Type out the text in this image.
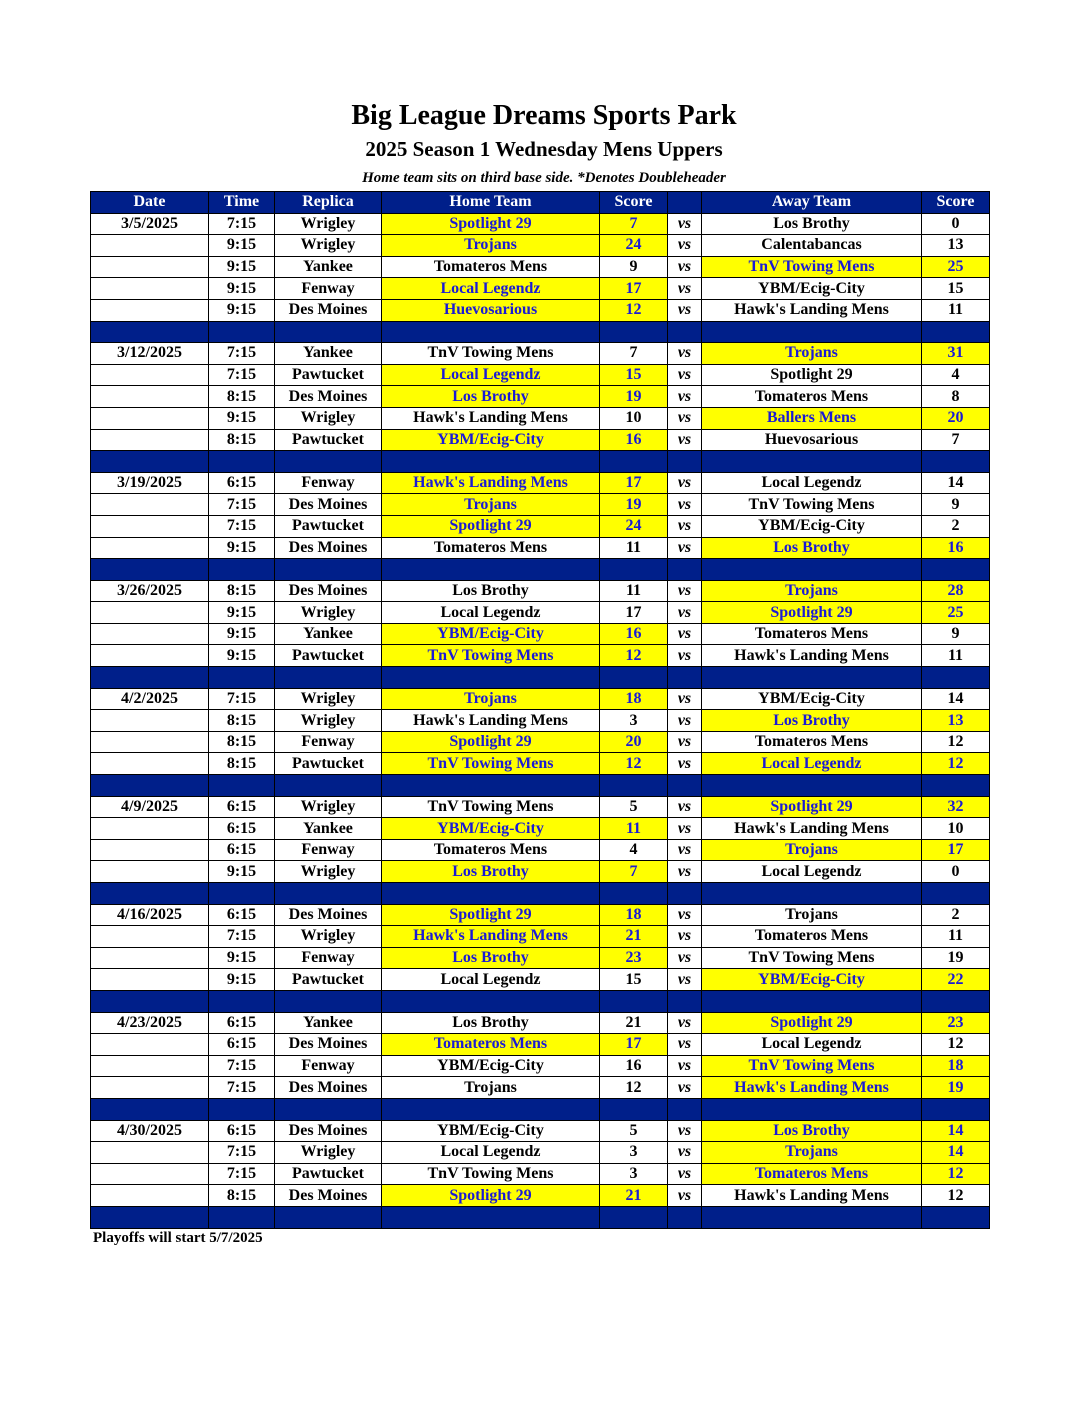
Big League Dreams Sports Park
2025 Season 1 Wednesday Mens Uppers
Home team sits on third base side. *Denotes Doubleheader
Date	Time	Replica	Home Team	Score		Away Team	Score
3/5/2025	7:15	Wrigley	Spotlight 29	7	vs	Los Brothy	0
	9:15	Wrigley	Trojans	24	vs	Calentabancas	13
	9:15	Yankee	Tomateros Mens	9	vs	TnV Towing Mens	25
	9:15	Fenway	Local Legendz	17	vs	YBM/Ecig-City	15
	9:15	Des Moines	Huevosarious	12	vs	Hawk's Landing Mens	11

3/12/2025	7:15	Yankee	TnV Towing Mens	7	vs	Trojans	31
	7:15	Pawtucket	Local Legendz	15	vs	Spotlight 29	4
	8:15	Des Moines	Los Brothy	19	vs	Tomateros Mens	8
	9:15	Wrigley	Hawk's Landing Mens	10	vs	Ballers Mens	20
	8:15	Pawtucket	YBM/Ecig-City	16	vs	Huevosarious	7

3/19/2025	6:15	Fenway	Hawk's Landing Mens	17	vs	Local Legendz	14
	7:15	Des Moines	Trojans	19	vs	TnV Towing Mens	9
	7:15	Pawtucket	Spotlight 29	24	vs	YBM/Ecig-City	2
	9:15	Des Moines	Tomateros Mens	11	vs	Los Brothy	16

3/26/2025	8:15	Des Moines	Los Brothy	11	vs	Trojans	28
	9:15	Wrigley	Local Legendz	17	vs	Spotlight 29	25
	9:15	Yankee	YBM/Ecig-City	16	vs	Tomateros Mens	9
	9:15	Pawtucket	TnV Towing Mens	12	vs	Hawk's Landing Mens	11

4/2/2025	7:15	Wrigley	Trojans	18	vs	YBM/Ecig-City	14
	8:15	Wrigley	Hawk's Landing Mens	3	vs	Los Brothy	13
	8:15	Fenway	Spotlight 29	20	vs	Tomateros Mens	12
	8:15	Pawtucket	TnV Towing Mens	12	vs	Local Legendz	12

4/9/2025	6:15	Wrigley	TnV Towing Mens	5	vs	Spotlight 29	32
	6:15	Yankee	YBM/Ecig-City	11	vs	Hawk's Landing Mens	10
	6:15	Fenway	Tomateros Mens	4	vs	Trojans	17
	9:15	Wrigley	Los Brothy	7	vs	Local Legendz	0

4/16/2025	6:15	Des Moines	Spotlight 29	18	vs	Trojans	2
	7:15	Wrigley	Hawk's Landing Mens	21	vs	Tomateros Mens	11
	9:15	Fenway	Los Brothy	23	vs	TnV Towing Mens	19
	9:15	Pawtucket	Local Legendz	15	vs	YBM/Ecig-City	22

4/23/2025	6:15	Yankee	Los Brothy	21	vs	Spotlight 29	23
	6:15	Des Moines	Tomateros Mens	17	vs	Local Legendz	12
	7:15	Fenway	YBM/Ecig-City	16	vs	TnV Towing Mens	18
	7:15	Des Moines	Trojans	12	vs	Hawk's Landing Mens	19

4/30/2025	6:15	Des Moines	YBM/Ecig-City	5	vs	Los Brothy	14
	7:15	Wrigley	Local Legendz	3	vs	Trojans	14
	7:15	Pawtucket	TnV Towing Mens	3	vs	Tomateros Mens	12
	8:15	Des Moines	Spotlight 29	21	vs	Hawk's Landing Mens	12

Playoffs will start 5/7/2025
